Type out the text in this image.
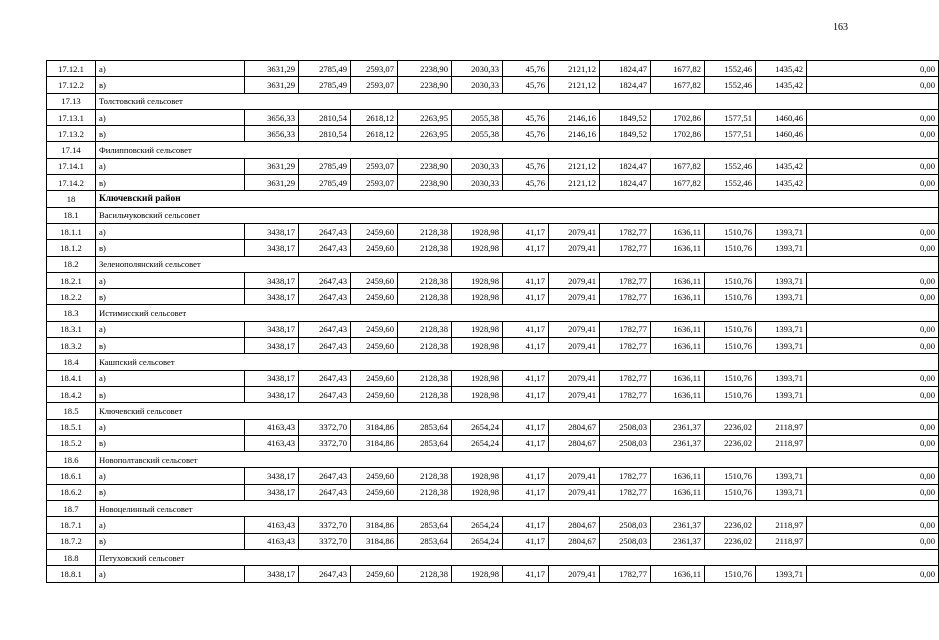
163
17.12.1	а)	3631,29	2785,49	2593,07	2238,90	2030,33	45,76	2121,12	1824,47	1677,82	1552,46	1435,42	0,00
17.12.2	в)	3631,29	2785,49	2593,07	2238,90	2030,33	45,76	2121,12	1824,47	1677,82	1552,46	1435,42	0,00
17.13	Толстовский сельсовет												
17.13.1	а)	3656,33	2810,54	2618,12	2263,95	2055,38	45,76	2146,16	1849,52	1702,86	1577,51	1460,46	0,00
17.13.2	в)	3656,33	2810,54	2618,12	2263,95	2055,38	45,76	2146,16	1849,52	1702,86	1577,51	1460,46	0,00
17.14	Филипповский сельсовет												
17.14.1	а)	3631,29	2785,49	2593,07	2238,90	2030,33	45,76	2121,12	1824,47	1677,82	1552,46	1435,42	0,00
17.14.2	в)	3631,29	2785,49	2593,07	2238,90	2030,33	45,76	2121,12	1824,47	1677,82	1552,46	1435,42	0,00
18	Ключевский район												
18.1	Васильчуковский сельсовет												
18.1.1	а)	3438,17	2647,43	2459,60	2128,38	1928,98	41,17	2079,41	1782,77	1636,11	1510,76	1393,71	0,00
18.1.2	в)	3438,17	2647,43	2459,60	2128,38	1928,98	41,17	2079,41	1782,77	1636,11	1510,76	1393,71	0,00
18.2	Зеленополянский сельсовет												
18.2.1	а)	3438,17	2647,43	2459,60	2128,38	1928,98	41,17	2079,41	1782,77	1636,11	1510,76	1393,71	0,00
18.2.2	в)	3438,17	2647,43	2459,60	2128,38	1928,98	41,17	2079,41	1782,77	1636,11	1510,76	1393,71	0,00
18.3	Истимисский сельсовет												
18.3.1	а)	3438,17	2647,43	2459,60	2128,38	1928,98	41,17	2079,41	1782,77	1636,11	1510,76	1393,71	0,00
18.3.2	в)	3438,17	2647,43	2459,60	2128,38	1928,98	41,17	2079,41	1782,77	1636,11	1510,76	1393,71	0,00
18.4	Кашпский сельсовет												
18.4.1	а)	3438,17	2647,43	2459,60	2128,38	1928,98	41,17	2079,41	1782,77	1636,11	1510,76	1393,71	0,00
18.4.2	в)	3438,17	2647,43	2459,60	2128,38	1928,98	41,17	2079,41	1782,77	1636,11	1510,76	1393,71	0,00
18.5	Ключевский сельсовет												
18.5.1	а)	4163,43	3372,70	3184,86	2853,64	2654,24	41,17	2804,67	2508,03	2361,37	2236,02	2118,97	0,00
18.5.2	в)	4163,43	3372,70	3184,86	2853,64	2654,24	41,17	2804,67	2508,03	2361,37	2236,02	2118,97	0,00
18.6	Новополтавский сельсовет												
18.6.1	а)	3438,17	2647,43	2459,60	2128,38	1928,98	41,17	2079,41	1782,77	1636,11	1510,76	1393,71	0,00
18.6.2	в)	3438,17	2647,43	2459,60	2128,38	1928,98	41,17	2079,41	1782,77	1636,11	1510,76	1393,71	0,00
18.7	Новоцелинный сельсовет												
18.7.1	а)	4163,43	3372,70	3184,86	2853,64	2654,24	41,17	2804,67	2508,03	2361,37	2236,02	2118,97	0,00
18.7.2	в)	4163,43	3372,70	3184,86	2853,64	2654,24	41,17	2804,67	2508,03	2361,37	2236,02	2118,97	0,00
18.8	Петуховский сельсовет												
18.8.1	а)	3438,17	2647,43	2459,60	2128,38	1928,98	41,17	2079,41	1782,77	1636,11	1510,76	1393,71	0,00
